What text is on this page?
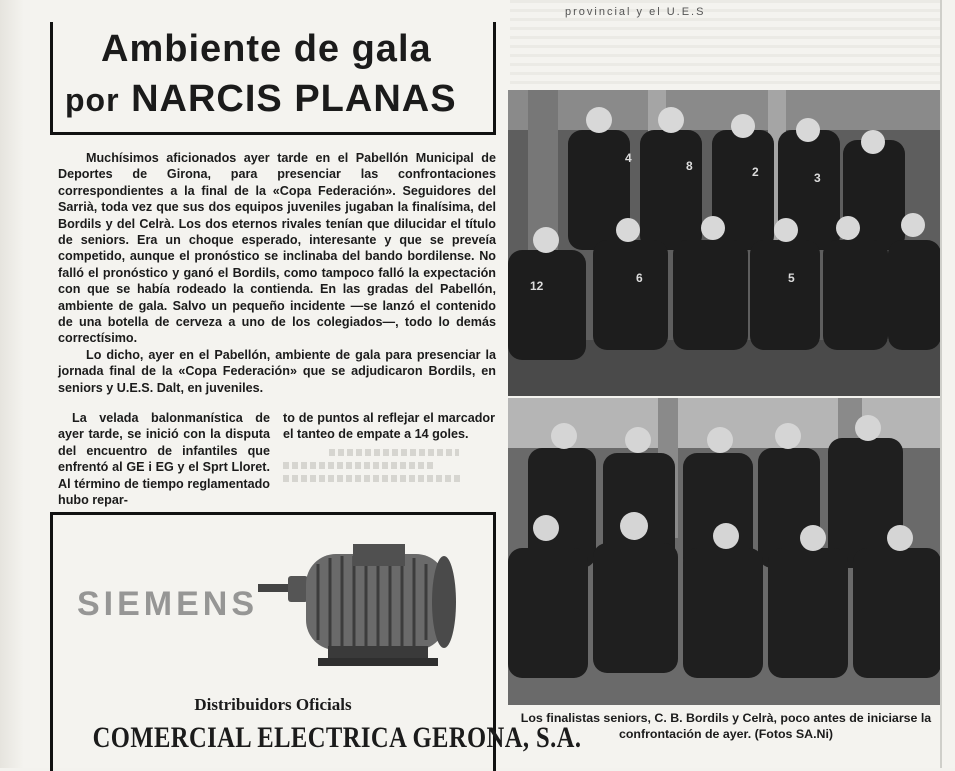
Ambiente de gala
por NARCIS PLANAS

Muchísimos aficionados ayer tarde en el Pabellón Municipal de Deportes de Girona, para presenciar las confrontaciones correspondientes a la final de la «Copa Federación». Seguidores del Sarrià, toda vez que sus dos equipos juveniles jugaban la finalísima, del Bordils y del Celrà. Los dos eternos rivales tenían que dilucidar el título de seniors. Era un choque esperado, interesante y que se preveía competido, aunque el pronóstico se inclinaba del bando bordilense. No falló el pronóstico y ganó el Bordils, como tampoco falló la expectación con que se había rodeado la contienda. En las gradas del Pabellón, ambiente de gala. Salvo un pequeño incidente —se lanzó el contenido de una botella de cerveza a uno de los colegiados—, todo lo demás correctísimo.

Lo dicho, ayer en el Pabellón, ambiente de gala para presenciar la jornada final de la «Copa Federación» que se adjudicaron Bordils, en seniors y U.E.S. Dalt, en juveniles.

La velada balonmanística de ayer tarde, se inició con la disputa del encuentro de infantiles que enfrentó al GE i EG y el Sprt Lloret. Al término de tiempo reglamentado hubo repar-

to de puntos al reflejar el marcador el tanteo de empate a 14 goles.

SIEMENS
Distribuidors Oficials
COMERCIAL ELECTRICA GERONA, S.A.
provincial y el U.E.S
4
8	2	3
12
6	5
Los finalistas seniors, C. B. Bordils y Celrà, poco antes de iniciarse la confrontación de ayer. (Fotos SA.Ni)
